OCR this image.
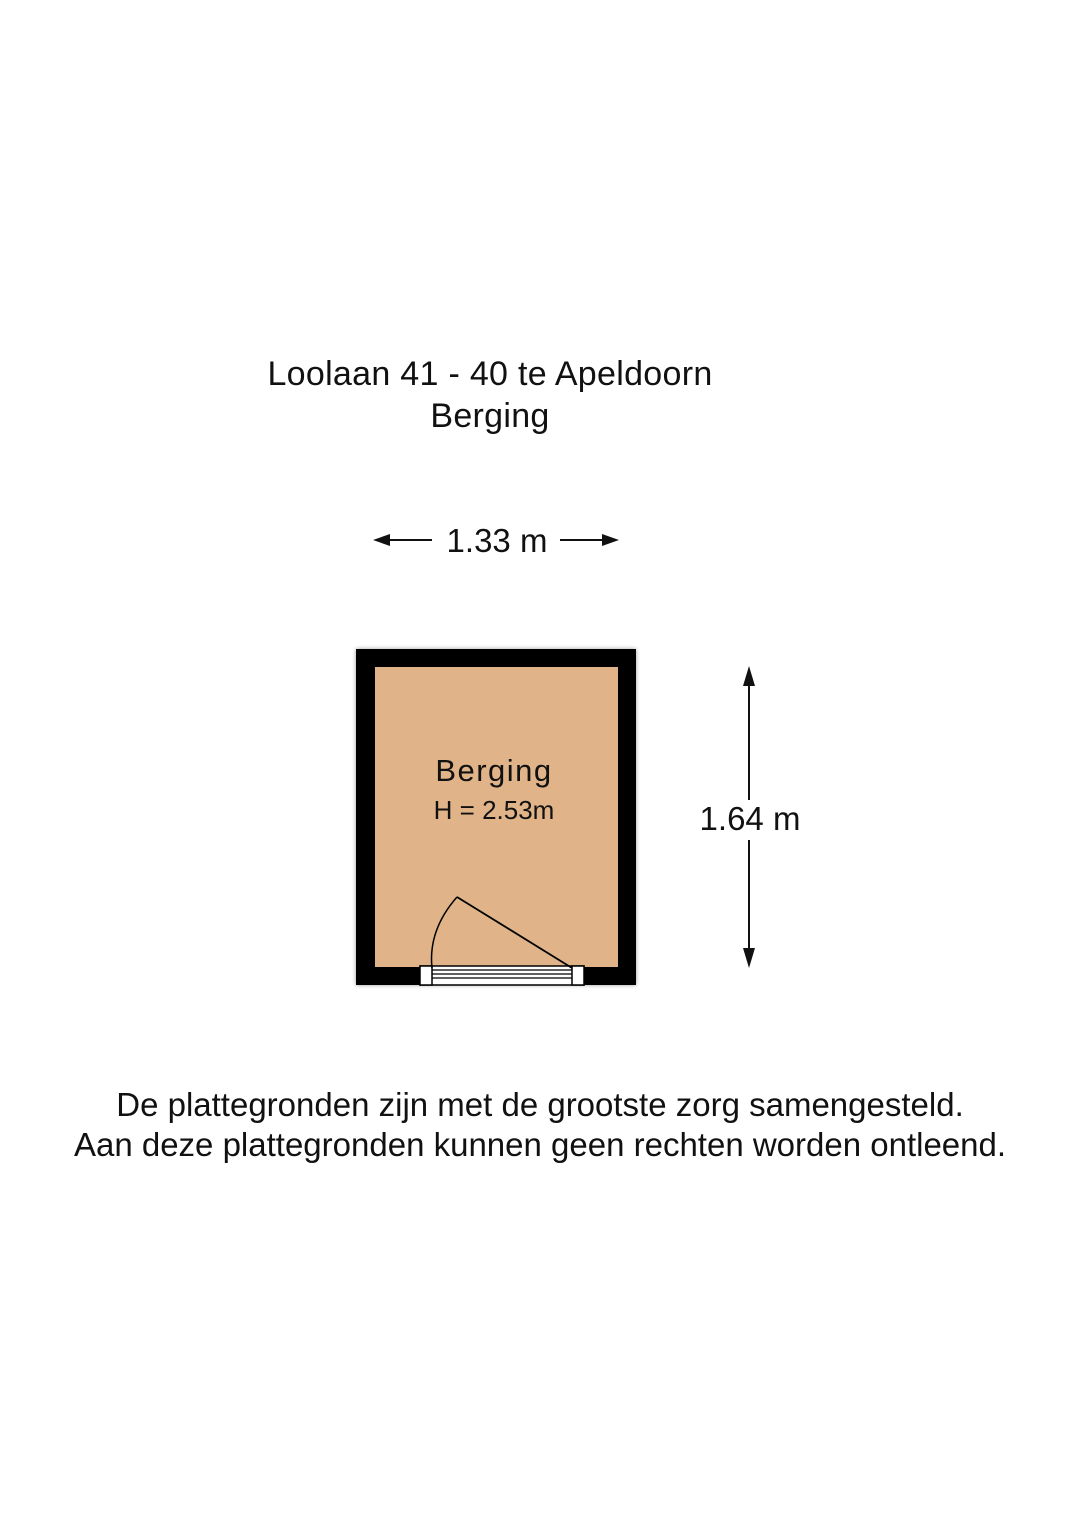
Loolaan 41 - 40 te Apeldoorn
Berging
1.33 m
1.64 m
Berging
H = 2.53m
De plattegronden zijn met de grootste zorg samengesteld.
Aan deze plattegronden kunnen geen rechten worden ontleend.
